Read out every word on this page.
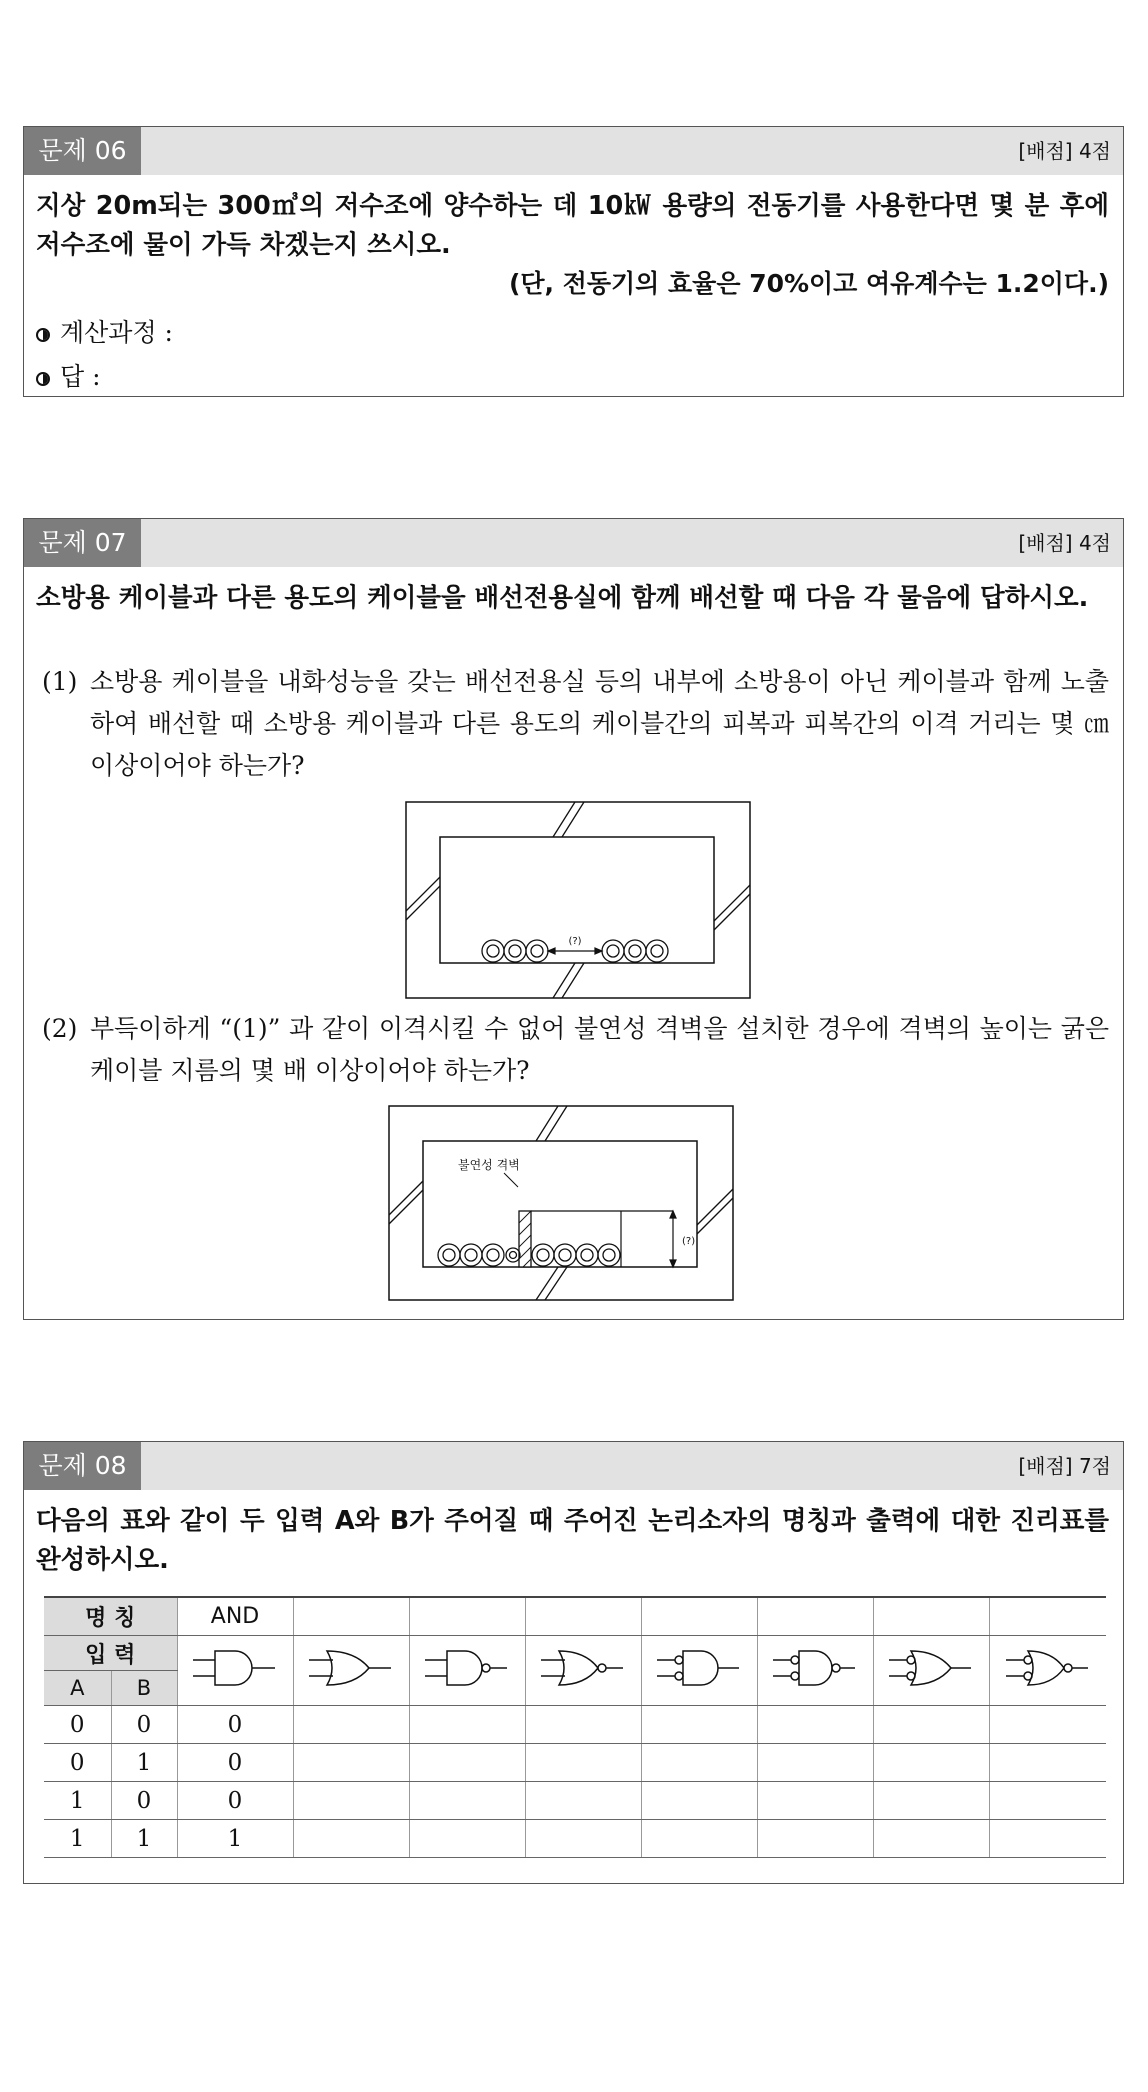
문제 06	[배점] 4점
지상 20m되는 300㎥의 저수조에 양수하는 데 10㎾ 용량의 전동기를 사용한다면 몇 분 후에 저수조에 물이 가득 차겠는지 쓰시오.
(단, 전동기의 효율은 70%이고 여유계수는 1.2이다.)
계산과정 :
답 :
문제 07	[배점] 4점
소방용 케이블과 다른 용도의 케이블을 배선전용실에 함께 배선할 때 다음 각 물음에 답하시오.
(1) 소방용 케이블을 내화성능을 갖는 배선전용실 등의 내부에 소방용이 아닌 케이블과 함께 노출하여 배선할 때 소방용 케이블과 다른 용도의 케이블간의 피복과 피복간의 이격 거리는 몇 ㎝ 이상이어야 하는가?
(?)
(2) 부득이하게 “(1)” 과 같이 이격시킬 수 없어 불연성 격벽을 설치한 경우에 격벽의 높이는 굵은 케이블 지름의 몇 배 이상이어야 하는가?
불연성 격벽
(?)
문제 08	[배점] 7점
다음의 표와 같이 두 입력 A와 B가 주어질 때 주어진 논리소자의 명칭과 출력에 대한 진리표를 완성하시오.
명 칭		AND							
입 력								
A	B								
0	0	0							
0	1	0							
1	0	0							
1	1	1							
